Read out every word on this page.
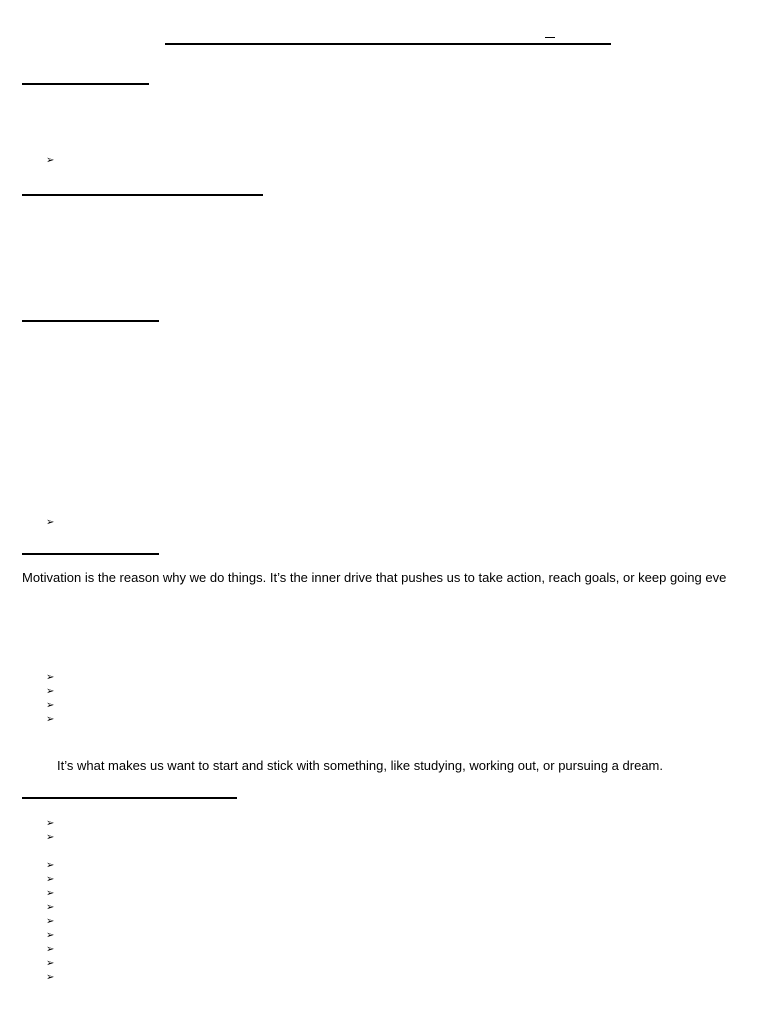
➢
➢
Motivation is the reason why we do things. It’s the inner drive that pushes us to take action, reach goals, or keep going eve
➢
➢
➢
➢
It’s what makes us want to start and stick with something, like studying, working out, or pursuing a dream.
➢
➢
➢
➢
➢
➢
➢
➢
➢
➢
➢
